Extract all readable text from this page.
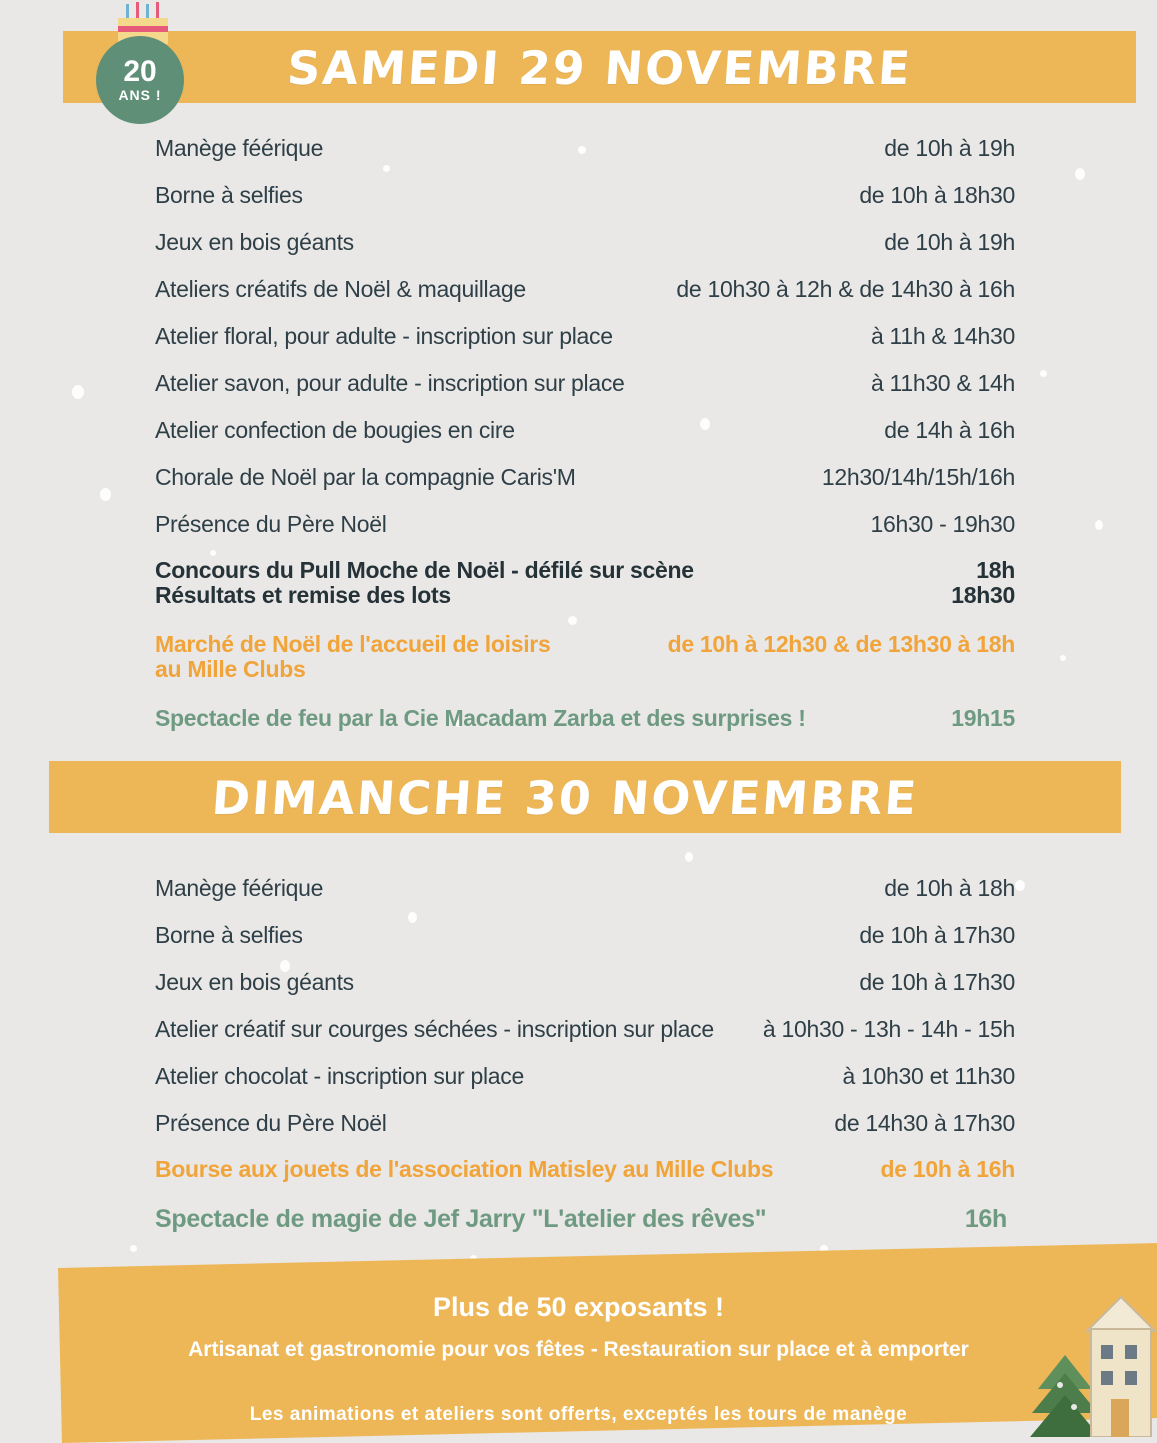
SAMEDI 29 NOVEMBRE
20
ANS !
Manège féérique	de 10h à 19h
Borne à selfies	de 10h à 18h30
Jeux en bois géants	de 10h à 19h
Ateliers créatifs de Noël & maquillage	de 10h30 à 12h & de 14h30 à 16h
Atelier floral, pour adulte - inscription sur place	à 11h & 14h30
Atelier savon, pour adulte - inscription sur place	à 11h30 & 14h
Atelier confection de bougies en cire	de 14h à 16h
Chorale de Noël par la compagnie Caris'M	12h30/14h/15h/16h
Présence du Père Noël	16h30 - 19h30
Concours du Pull Moche de Noël - défilé sur scène	18h
Résultats et remise des lots	18h30
Marché de Noël de l'accueil de loisirs	de 10h à 12h30 & de 13h30 à 18h
au Mille Clubs
Spectacle de feu par la Cie Macadam Zarba et des surprises !	19h15
DIMANCHE 30 NOVEMBRE
Manège féérique	de 10h à 18h
Borne à selfies	de 10h à 17h30
Jeux en bois géants	de 10h à 17h30
Atelier créatif sur courges séchées - inscription sur place à 10h30 - 13h - 14h - 15h
Atelier chocolat - inscription sur place	à 10h30 et 11h30
Présence du Père Noël	de 14h30 à 17h30
Bourse aux jouets de l'association Matisley au Mille Clubs	de 10h à 16h
Spectacle de magie de Jef Jarry "L'atelier des rêves"	16h
Plus de 50 exposants !
Artisanat et gastronomie pour vos fêtes - Restauration sur place et à emporter
Les animations et ateliers sont offerts, exceptés les tours de manège
